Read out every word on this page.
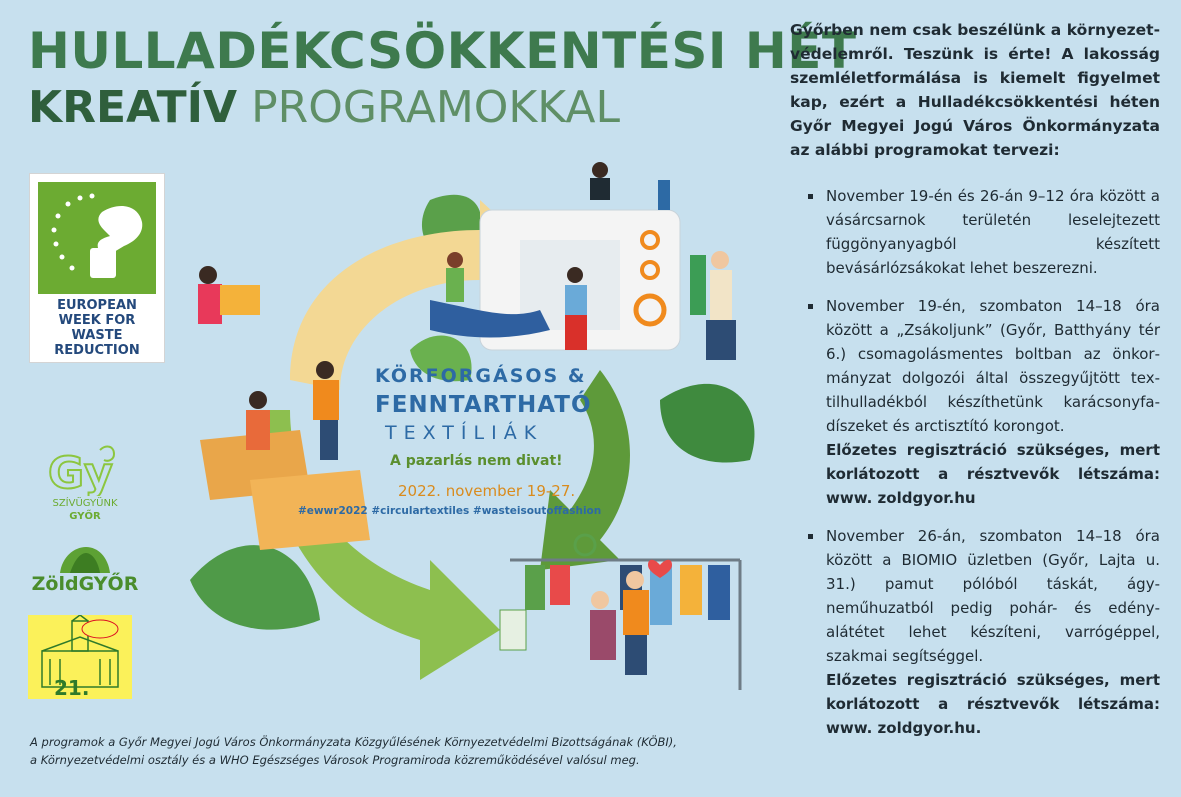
HULLADÉKCSÖKKENTÉSI HÉT
KREATÍV PROGRAMOKKAL
EUROPEAN WEEK FOR WASTE REDUCTION
Gy
SZÍVÜGYÜNK
GYŐR
ZöldGYŐR
21.
KÖRFORGÁSOS &
FENNTARTHATÓ
TEXTÍLIÁK
A pazarlás nem divat!
2022. november 19-27.
#ewwr2022 #circulartextiles #wasteisoutoffashion
Győrben nem csak beszélünk a környezetvédelemről. Teszünk is érte! A lakosság szemléletformálása is kiemelt figyelmet kap, ezért a Hulladékcsökkentési héten Győr Megyei Jogú Város Önkormányzata az alábbi programokat tervezi:
November 19-én és 26-án 9–12 óra között a vásárcsarnok területén leselejtezett függönyanyagból készített bevásárlózsákokat lehet beszerezni.
November 19-én, szombaton 14–18 óra között a „Zsákoljunk” (Győr, Batthyány tér 6.) csomagolásmentes boltban az önkormányzat dolgozói által összegyűjtött textilhulladékból készíthetünk karácsonyfadíszeket és arctisztító korongot.
Előzetes regisztráció szükséges, mert korlátozott a résztvevők létszáma: www. zoldgyor.hu
November 26-án, szombaton 14–18 óra között a BIOMIO üzletben (Győr, Lajta u. 31.) pamut pólóból táskát, ágyneműhuzatból pedig pohár- és edényalátétet lehet készíteni, varrógéppel, szakmai segítséggel.
Előzetes regisztráció szükséges, mert korlátozott a résztvevők létszáma: www. zoldgyor.hu.
A programok a Győr Megyei Jogú Város Önkormányzata Közgyűlésének Környezetvédelmi Bizottságának (KÖBI),
a Környezetvédelmi osztály és a WHO Egészséges Városok Programiroda közreműködésével valósul meg.
